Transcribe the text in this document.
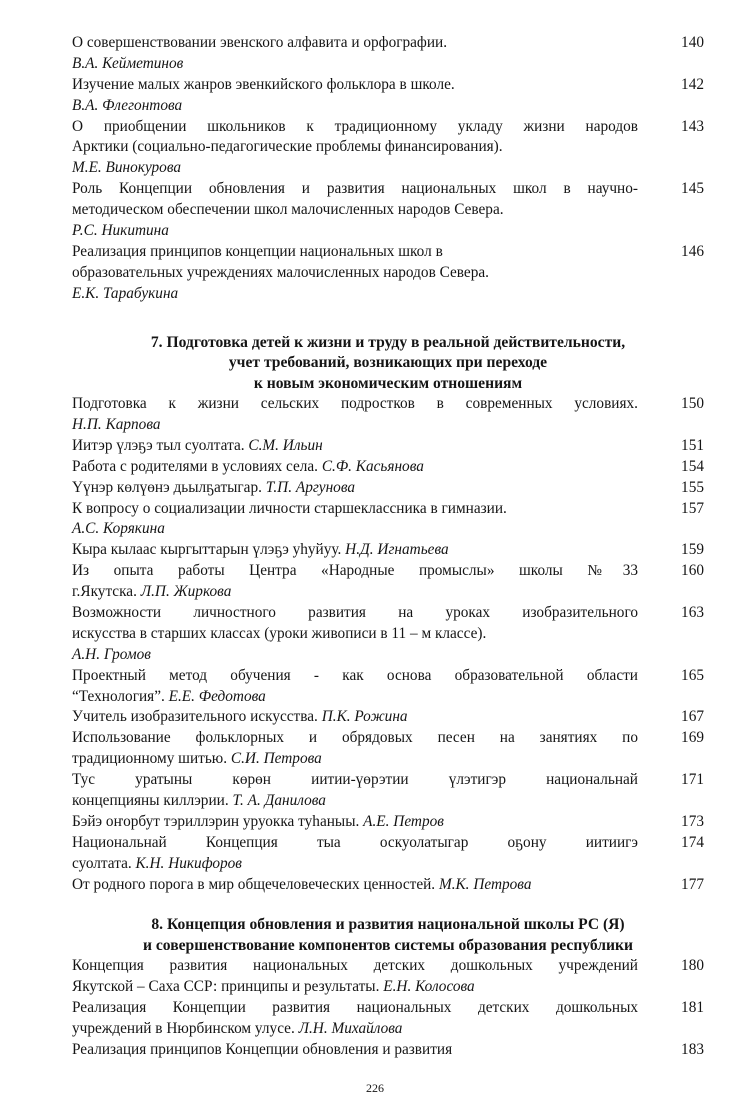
О совершенствовании эвенского алфавита и орфографии.	140
В.А. Кейметинов
Изучение малых жанров эвенкийского фольклора в школе.	142
В.А. Флегонтова
О приобщении школьников к традиционному укладу жизни народов	143
Арктики (социально-педагогические проблемы финансирования).
М.Е. Винокурова
Роль Концепции обновления и развития национальных школ в научно-	145
методическом обеспечении школ малочисленных народов Севера.
Р.С. Никитина
Реализация принципов концепции национальных школ в	146
образовательных учреждениях малочисленных народов Севера.
Е.К. Тарабукина
7. Подготовка детей к жизни и труду в реальной действительности,
учет требований, возникающих при переходе
к новым экономическим отношениям
Подготовка к жизни сельских подростков в современных условиях.	150
Н.П. Карпова
Иитэр үлэҕэ тыл суолтата. С.М. Ильин	151
Работа с родителями в условиях села. С.Ф. Касьянова	154
Үүнэр көлүөнэ дьылҕатыгар. Т.П. Аргунова	155
К вопросу о социализации личности старшеклассника в гимназии.	157
А.С. Корякина
Кыра кылаас кыргыттарын үлэҕэ уһуйуу. Н.Д. Игнатьева	159
Из опыта работы Центра «Народные промыслы» школы №33	160
г.Якутска. Л.П. Жиркова
Возможности личностного развития на уроках изобразительного	163
искусства в старших классах (уроки живописи в 11 – м классе).
А.Н. Громов
Проектный метод обучения - как основа образовательной области	165
“Технология”. Е.Е. Федотова
Учитель изобразительного искусства. П.К. Рожина	167
Использование фольклорных и обрядовых песен на занятиях по	169
традиционному шитью. С.И. Петрова
Тус уратыны көрөн иитии-үөрэтии үлэтигэр национальнай	171
концепцияны киллэрии. Т. А. Данилова
Бэйэ оҥорбут тэриллэрин уруокка туһаныы. А.Е. Петров	173
Национальнай Концепция тыа оскуолатыгар оҕону иитиигэ	174
суолтата. К.Н. Никифоров
От родного порога в мир общечеловеческих ценностей. М.К. Петрова	177
8. Концепция обновления и развития национальной школы РС (Я)
и совершенствование компонентов системы образования республики
Концепция развития национальных детских дошкольных учреждений	180
Якутской – Саха ССР: принципы и результаты. Е.Н. Колосова
Реализация Концепции развития национальных детских дошкольных	181
учреждений в Нюрбинском улусе. Л.Н. Михайлова
Реализация принципов Концепции обновления и развития	183
226
